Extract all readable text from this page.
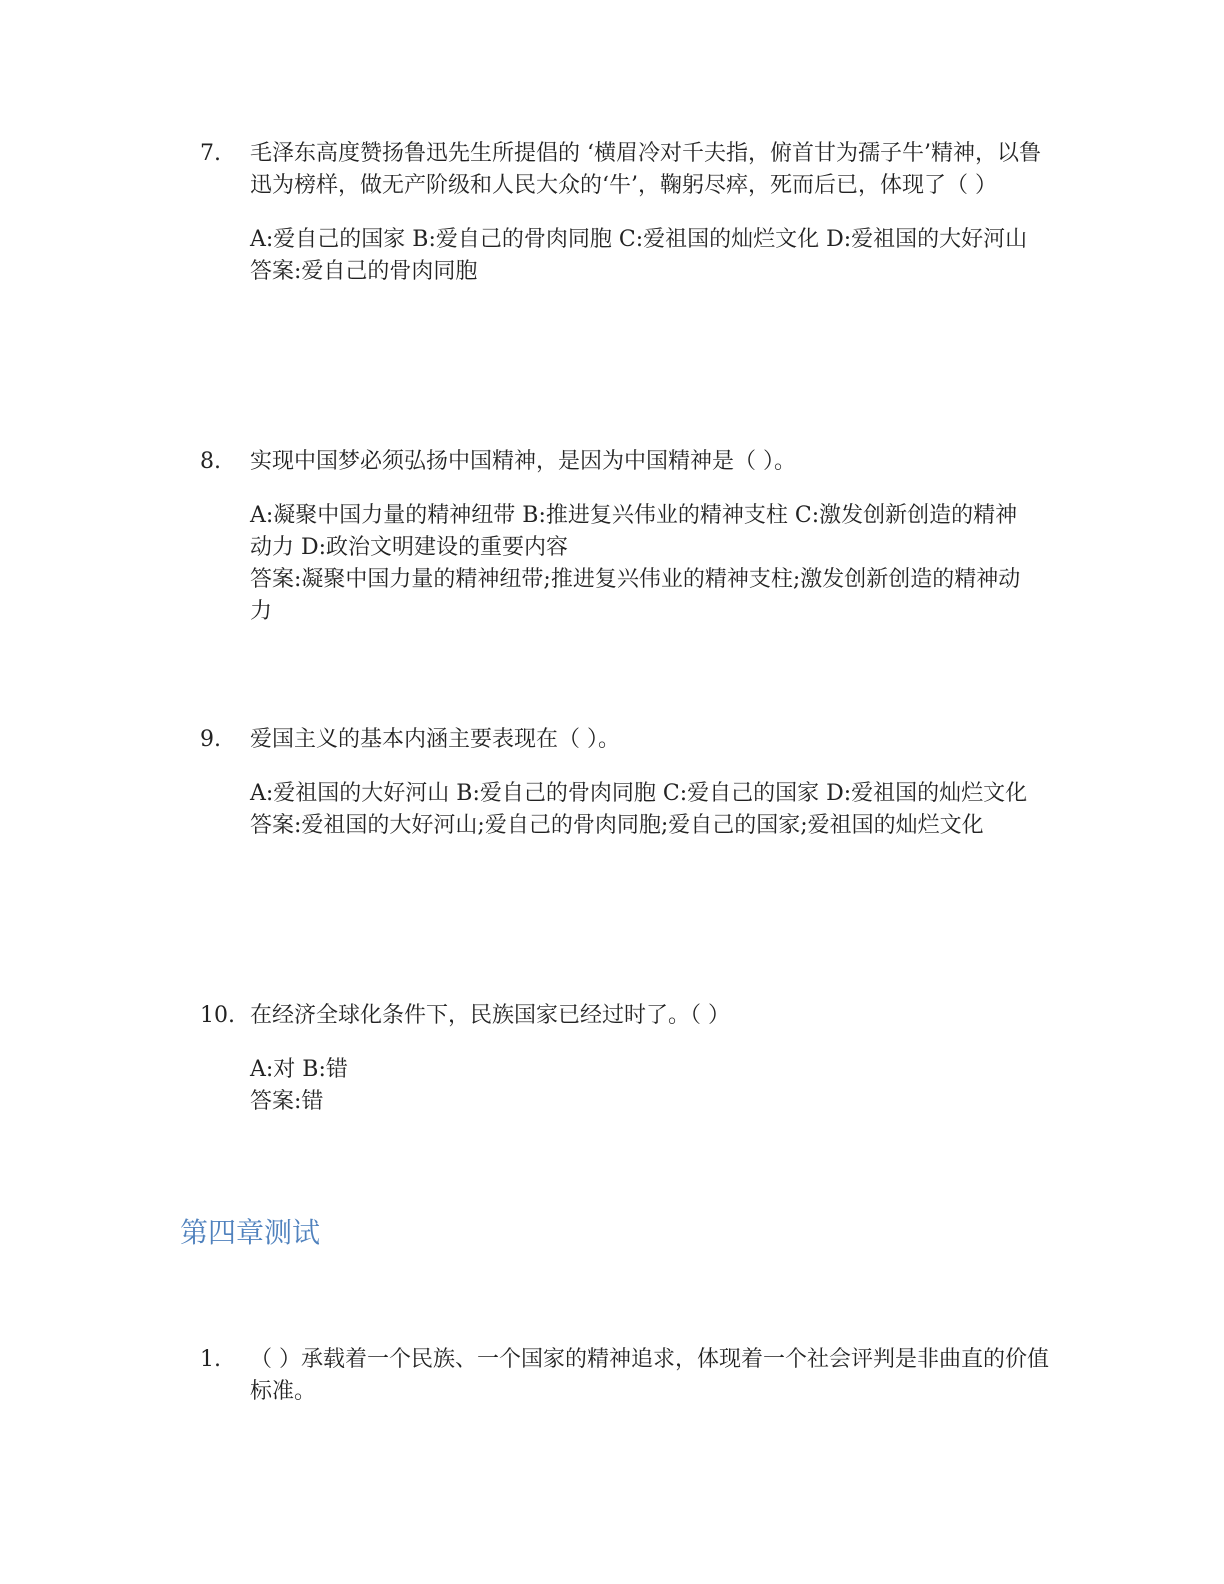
7.	毛泽东高度赞扬鲁迅先生所提倡的 ‘横眉冷对千夫指，俯首甘为孺子牛’精神，以鲁迅为榜样，做无产阶级和人民大众的‘牛’，鞠躬尽瘁，死而后已，体现了（ ）

A:爱自己的国家 B:爱自己的骨肉同胞 C:爱祖国的灿烂文化 D:爱祖国的大好河山
答案:爱自己的骨肉同胞
8.	实现中国梦必须弘扬中国精神，是因为中国精神是（ ）。

A:凝聚中国力量的精神纽带 B:推进复兴伟业的精神支柱 C:激发创新创造的精神动力 D:政治文明建设的重要内容
答案:凝聚中国力量的精神纽带;推进复兴伟业的精神支柱;激发创新创造的精神动力
9.	爱国主义的基本内涵主要表现在（ ）。

A:爱祖国的大好河山 B:爱自己的骨肉同胞 C:爱自己的国家 D:爱祖国的灿烂文化
答案:爱祖国的大好河山;爱自己的骨肉同胞;爱自己的国家;爱祖国的灿烂文化
10. 在经济全球化条件下，民族国家已经过时了。（ ）

A:对 B:错
答案:错
第四章测试
1.	（ ）承载着一个民族、一个国家的精神追求，体现着一个社会评判是非曲直的价值标准。
